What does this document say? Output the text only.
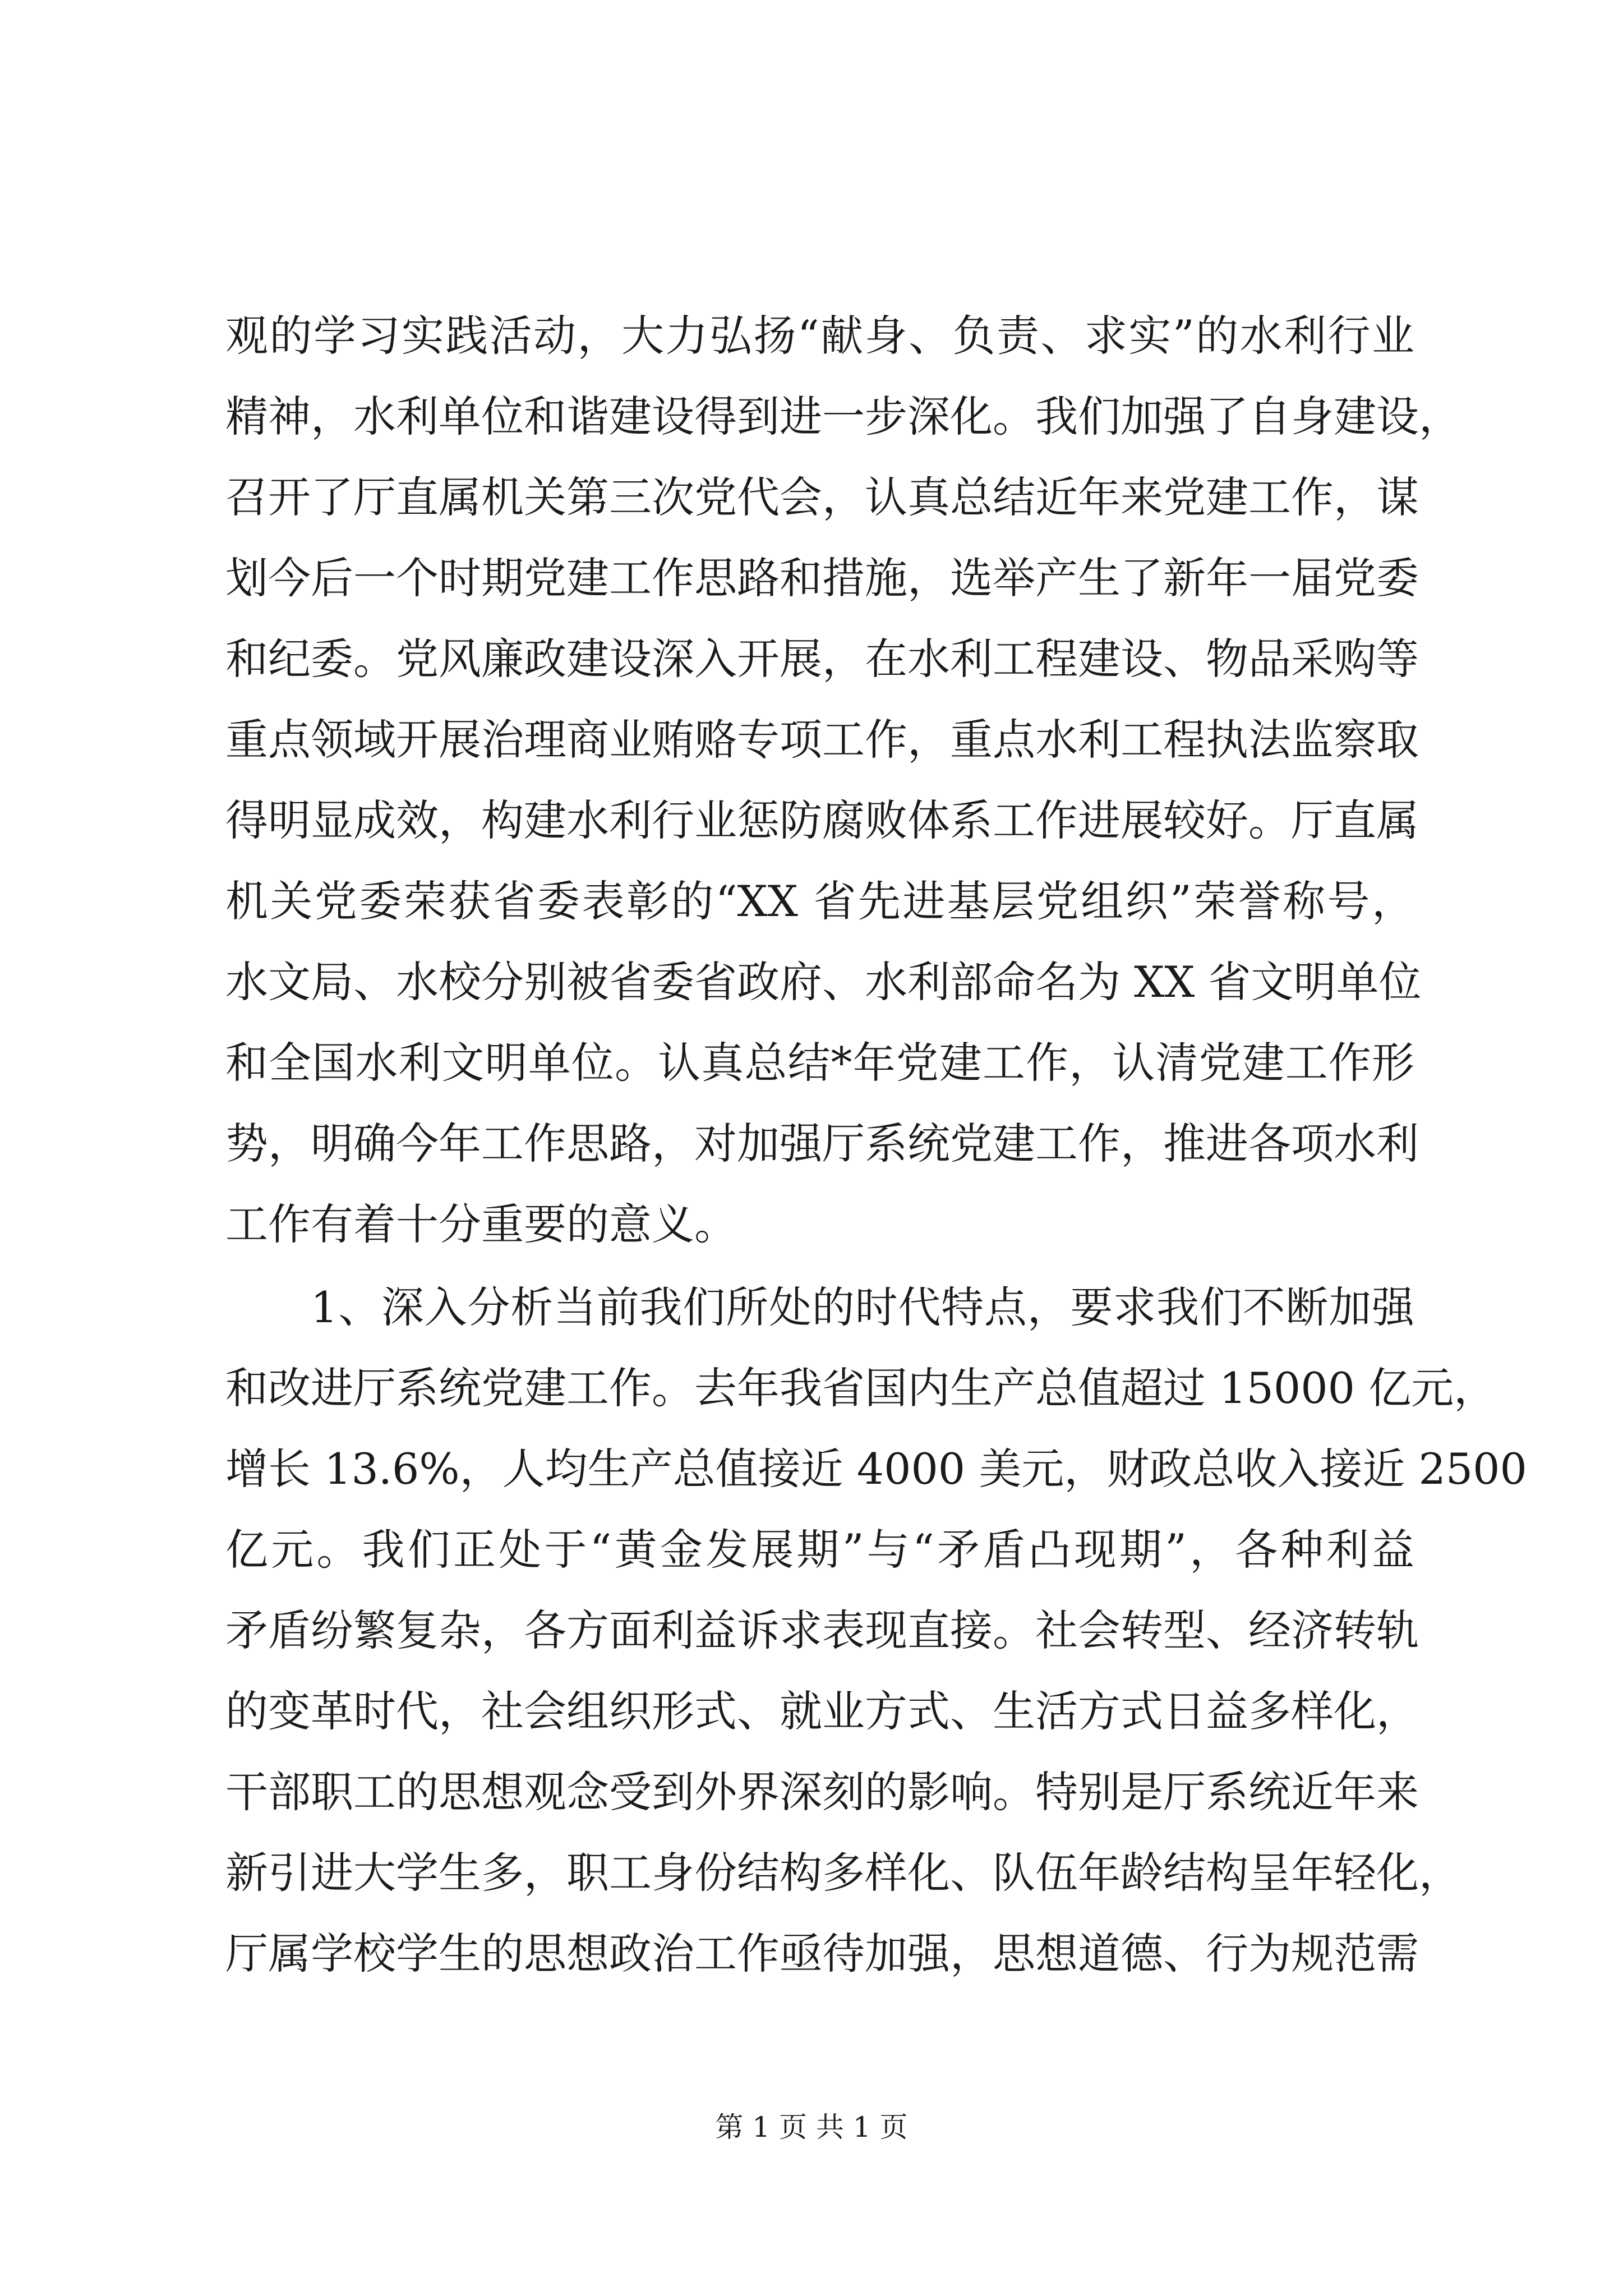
观的学习实践活动，大力弘扬“献身、负责、求实”的水利行业
精神，水利单位和谐建设得到进一步深化。我们加强了自身建设，
召开了厅直属机关第三次党代会，认真总结近年来党建工作，谋
划今后一个时期党建工作思路和措施，选举产生了新年一届党委
和纪委。党风廉政建设深入开展，在水利工程建设、物品采购等
重点领域开展治理商业贿赂专项工作，重点水利工程执法监察取
得明显成效，构建水利行业惩防腐败体系工作进展较好。厅直属
机关党委荣获省委表彰的“XX 省先进基层党组织”荣誉称号，
水文局、水校分别被省委省政府、水利部命名为 XX 省文明单位
和全国水利文明单位。认真总结*年党建工作，认清党建工作形
势，明确今年工作思路，对加强厅系统党建工作，推进各项水利
工作有着十分重要的意义。
1、深入分析当前我们所处的时代特点，要求我们不断加强
和改进厅系统党建工作。去年我省国内生产总值超过 15000 亿元，
增长 13.6%，人均生产总值接近 4000 美元，财政总收入接近 2500
亿元。我们正处于“黄金发展期”与“矛盾凸现期”，各种利益
矛盾纷繁复杂，各方面利益诉求表现直接。社会转型、经济转轨
的变革时代，社会组织形式、就业方式、生活方式日益多样化，
干部职工的思想观念受到外界深刻的影响。特别是厅系统近年来
新引进大学生多，职工身份结构多样化、队伍年龄结构呈年轻化，
厅属学校学生的思想政治工作亟待加强，思想道德、行为规范需
第 1 页 共 1 页
